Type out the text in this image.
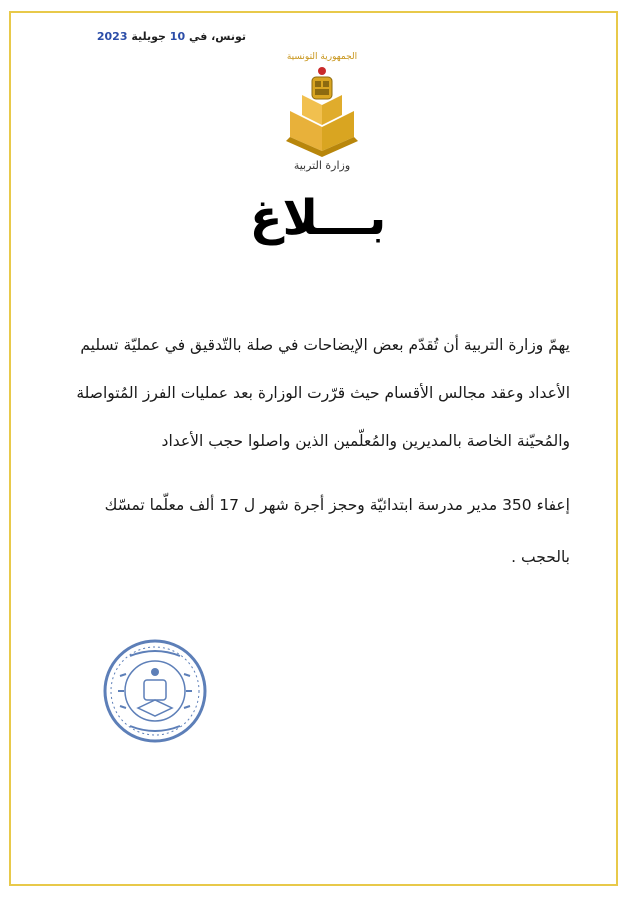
تونس، في 10 جويلية 2023
الجمهورية التونسية
وزارة التربية
بـــلاغ
يهمّ وزارة التربية أن تُقدّم بعض الإيضاحات في صلة بالتّدقيق في عمليّة تسليم
الأعداد وعقد مجالس الأقسام حيث قرّرت الوزارة بعد عمليات الفرز المُتواصلة
والمُحيّنة الخاصة بالمديرين والمُعلّمين الذين واصلوا حجب الأعداد
إعفاء 350 مدير مدرسة ابتدائيّة وحجز أجرة شهر ل 17 ألف معلّما تمسّك
بالحجب .
